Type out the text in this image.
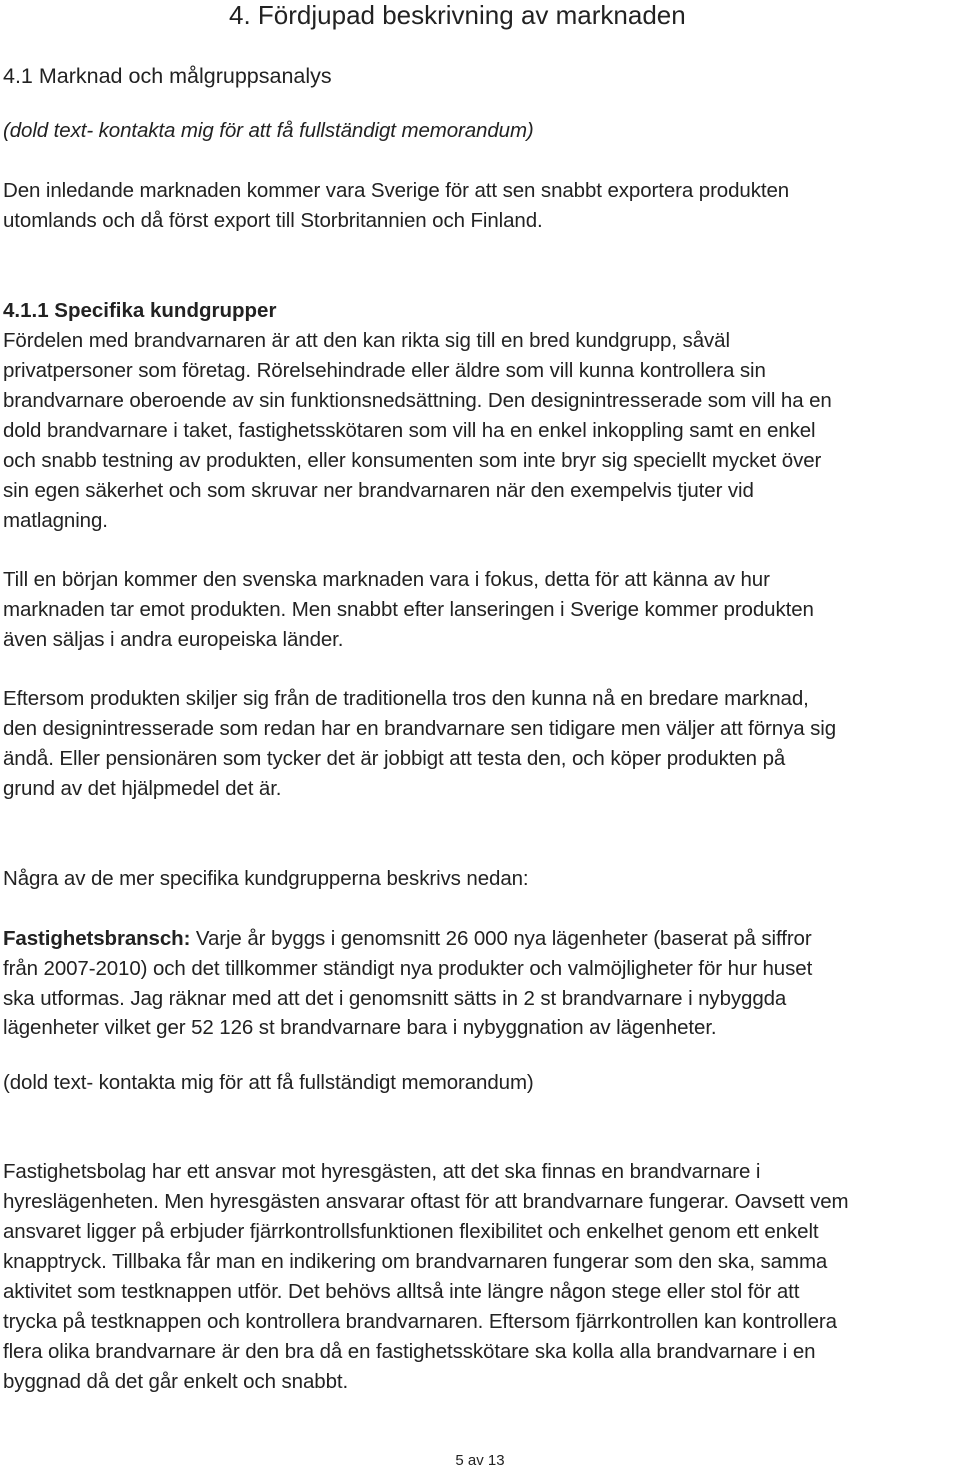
4. Fördjupad beskrivning av marknaden
4.1 Marknad och målgruppsanalys

(dold text- kontakta mig för att få fullständigt memorandum)

Den inledande marknaden kommer vara Sverige för att sen snabbt exportera produkten

utomlands och då först export till Storbritannien och Finland.

4.1.1 Specifika kundgrupper

Fördelen med brandvarnaren är att den kan rikta sig till en bred kundgrupp, såväl

privatpersoner som företag. Rörelsehindrade eller äldre som vill kunna kontrollera sin

brandvarnare oberoende av sin funktionsnedsättning. Den designintresserade som vill ha en

dold brandvarnare i taket, fastighetsskötaren som vill ha en enkel inkoppling samt en enkel

och snabb testning av produkten, eller konsumenten som inte bryr sig speciellt mycket över

sin egen säkerhet och som skruvar ner brandvarnaren när den exempelvis tjuter vid

matlagning.

Till en början kommer den svenska marknaden vara i fokus, detta för att känna av hur

marknaden tar emot produkten. Men snabbt efter lanseringen i Sverige kommer produkten

även säljas i andra europeiska länder.

Eftersom produkten skiljer sig från de traditionella tros den kunna nå en bredare marknad,

den designintresserade som redan har en brandvarnare sen tidigare men väljer att förnya sig

ändå. Eller pensionären som tycker det är jobbigt att testa den, och köper produkten på

grund av det hjälpmedel det är.

Några av de mer specifika kundgrupperna beskrivs nedan:

Fastighetsbransch: Varje år byggs i genomsnitt 26 000 nya lägenheter (baserat på siffror

från 2007-2010) och det tillkommer ständigt nya produkter och valmöjligheter för hur huset

ska utformas. Jag räknar med att det i genomsnitt sätts in 2 st brandvarnare i nybyggda

lägenheter vilket ger 52 126 st brandvarnare bara i nybyggnation av lägenheter.

(dold text- kontakta mig för att få fullständigt memorandum)

Fastighetsbolag har ett ansvar mot hyresgästen, att det ska finnas en brandvarnare i

hyreslägenheten. Men hyresgästen ansvarar oftast för att brandvarnare fungerar. Oavsett vem

ansvaret ligger på erbjuder fjärrkontrollsfunktionen flexibilitet och enkelhet genom ett enkelt

knapptryck. Tillbaka får man en indikering om brandvarnaren fungerar som den ska, samma

aktivitet som testknappen utför. Det behövs alltså inte längre någon stege eller stol för att

trycka på testknappen och kontrollera brandvarnaren. Eftersom fjärrkontrollen kan kontrollera

flera olika brandvarnare är den bra då en fastighetsskötare ska kolla alla brandvarnare i en

byggnad då det går enkelt och snabbt.

5 av 13
